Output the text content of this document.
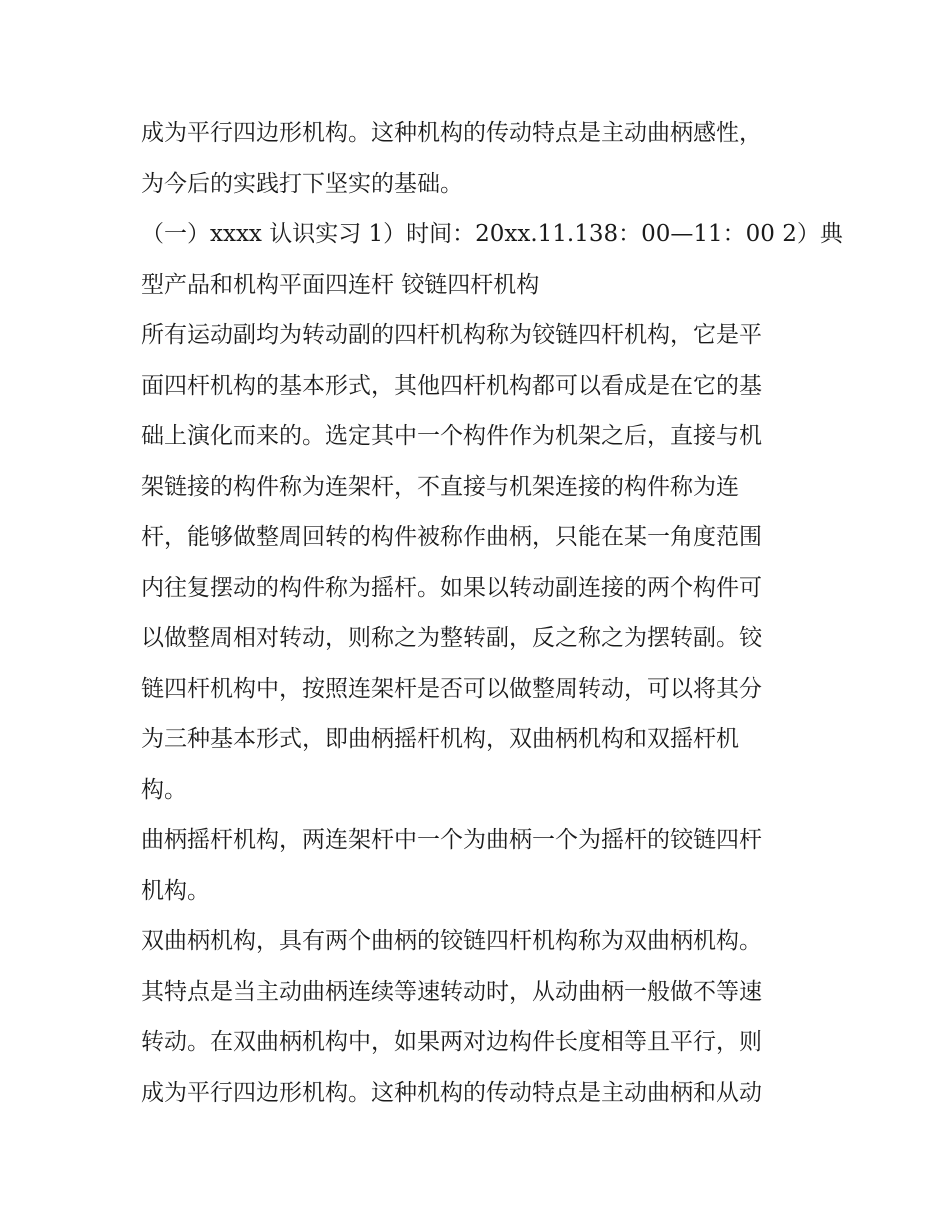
成为平行四边形机构。这种机构的传动特点是主动曲柄感性，
为今后的实践打下坚实的基础。
（一）xxxx 认识实习 1）时间：20xx.11.138：00—11：00 2）典
型产品和机构平面四连杆 铰链四杆机构
所有运动副均为转动副的四杆机构称为铰链四杆机构，它是平
面四杆机构的基本形式，其他四杆机构都可以看成是在它的基
础上演化而来的。选定其中一个构件作为机架之后，直接与机
架链接的构件称为连架杆，不直接与机架连接的构件称为连
杆，能够做整周回转的构件被称作曲柄，只能在某一角度范围
内往复摆动的构件称为摇杆。如果以转动副连接的两个构件可
以做整周相对转动，则称之为整转副，反之称之为摆转副。铰
链四杆机构中，按照连架杆是否可以做整周转动，可以将其分
为三种基本形式，即曲柄摇杆机构，双曲柄机构和双摇杆机
构。
曲柄摇杆机构，两连架杆中一个为曲柄一个为摇杆的铰链四杆
机构。
双曲柄机构，具有两个曲柄的铰链四杆机构称为双曲柄机构。
其特点是当主动曲柄连续等速转动时，从动曲柄一般做不等速
转动。在双曲柄机构中，如果两对边构件长度相等且平行，则
成为平行四边形机构。这种机构的传动特点是主动曲柄和从动
